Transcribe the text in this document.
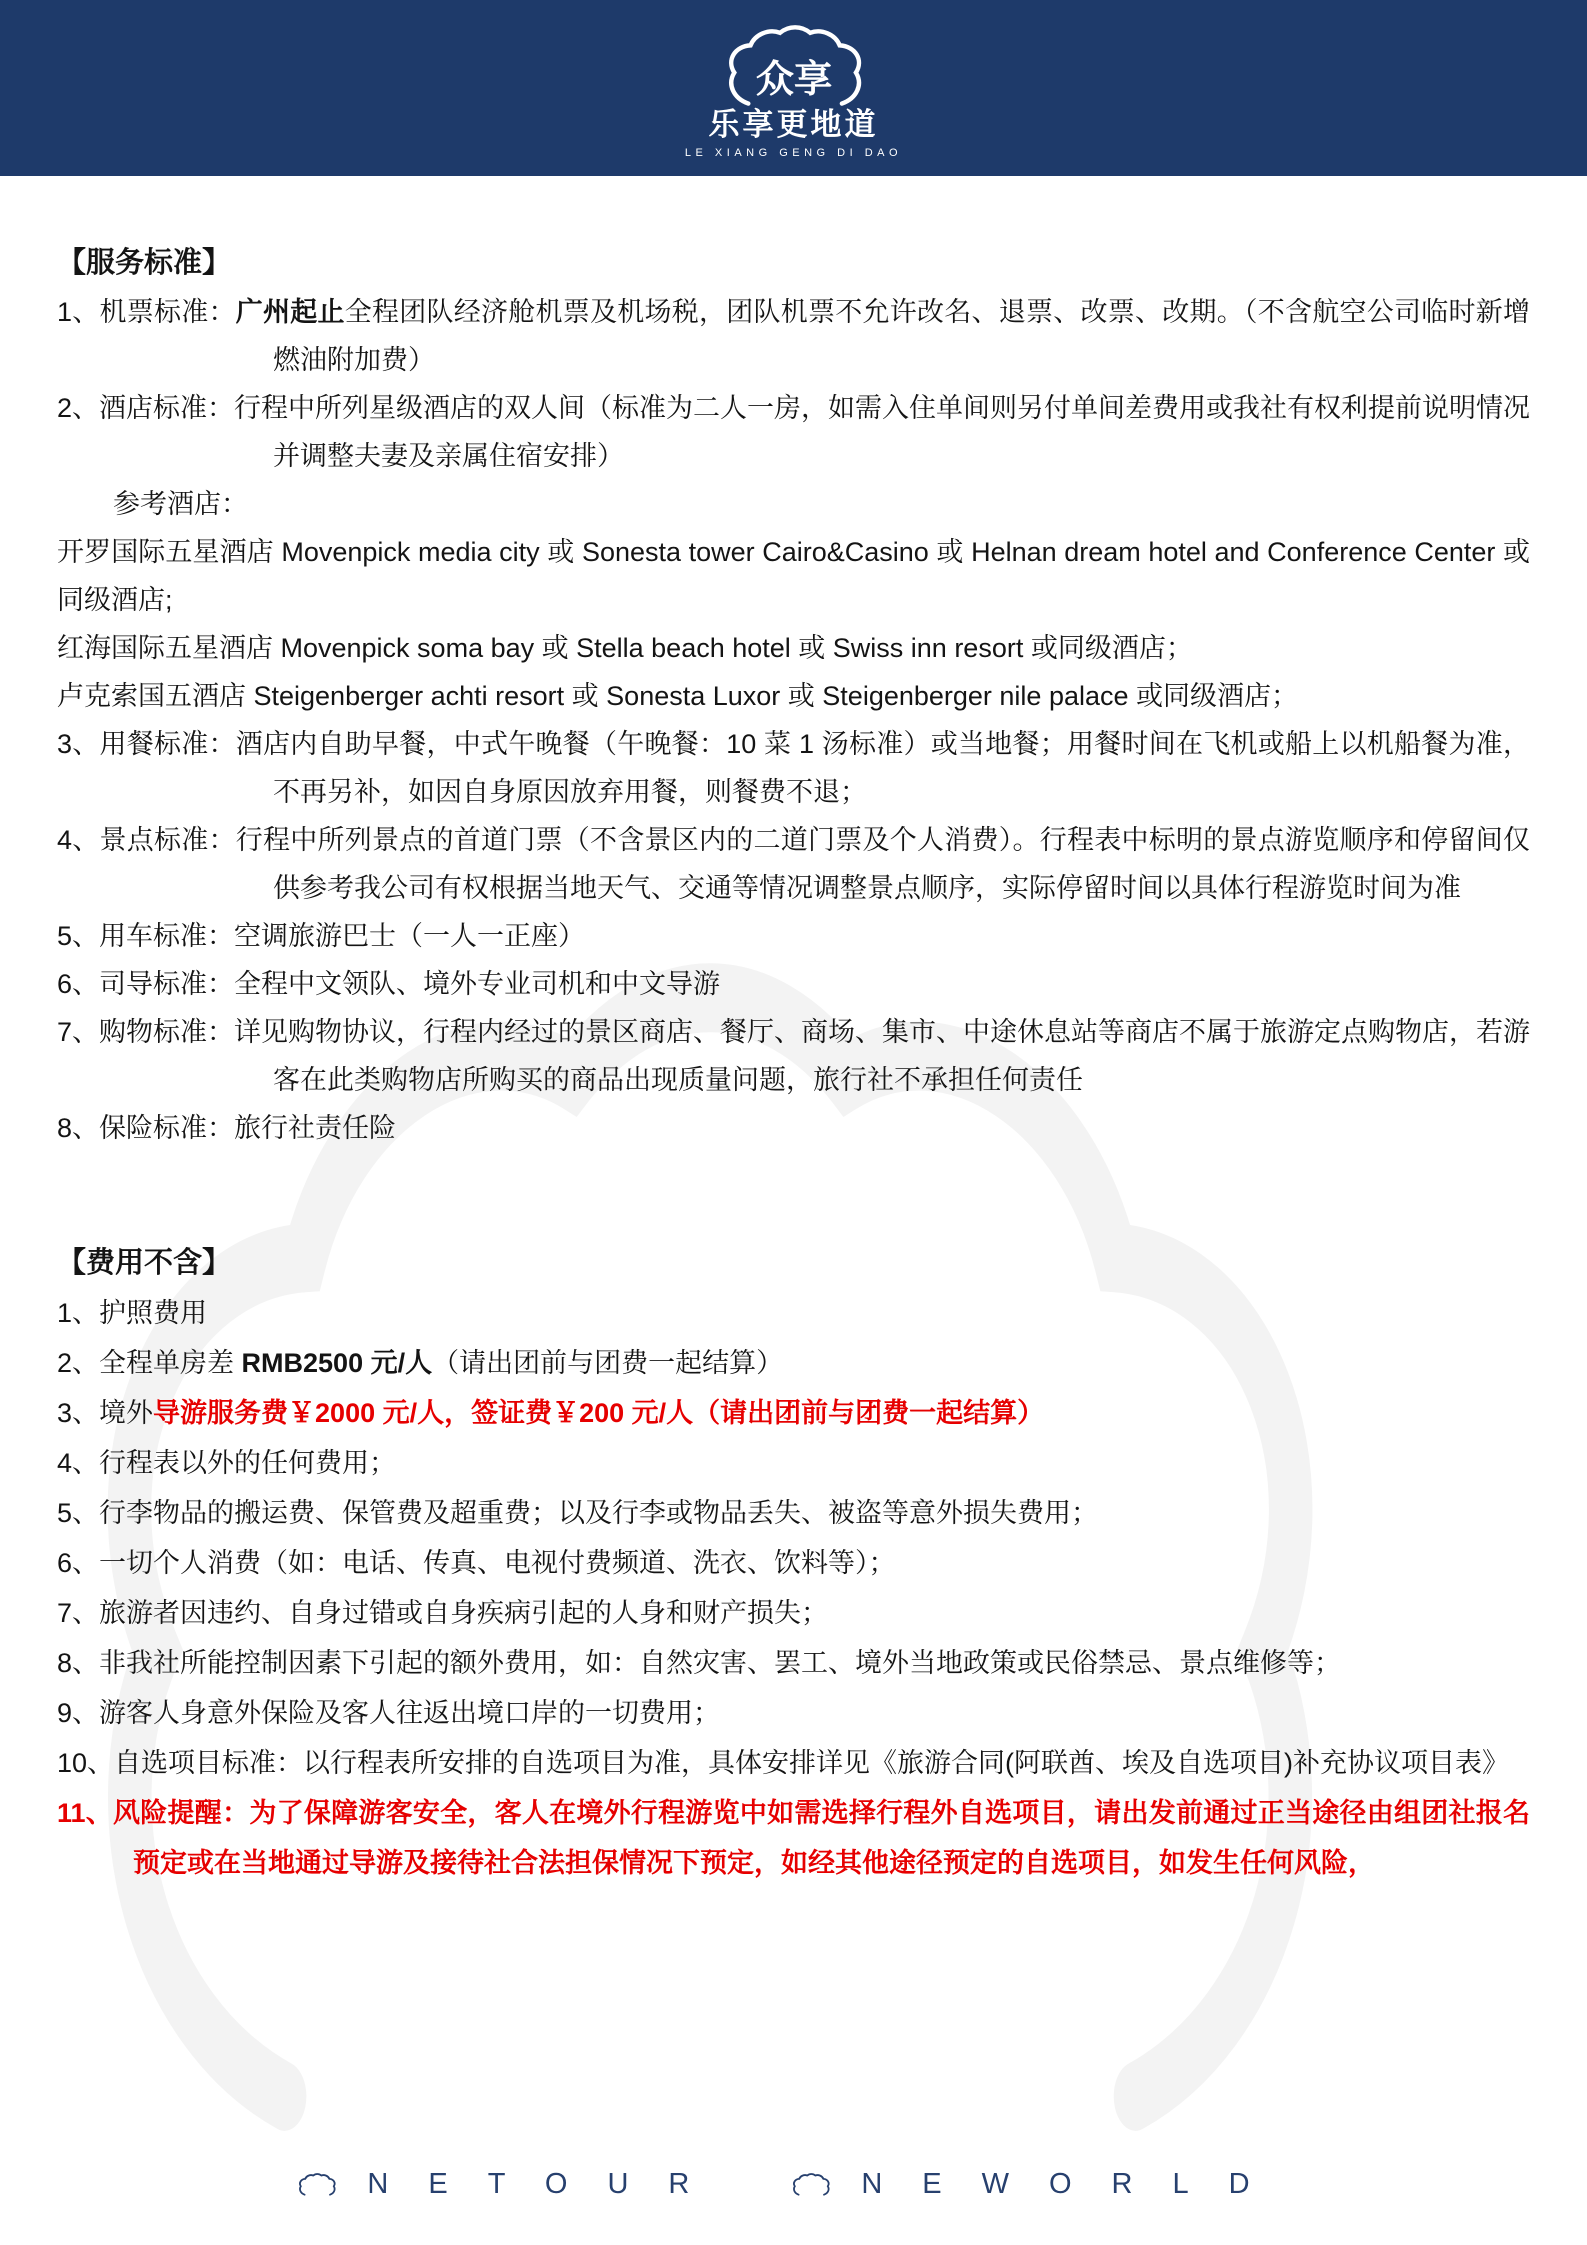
众享
乐享更地道
LE XIANG GENG DI DAO
【服务标准】

1、机票标准：广州起止全程团队经济舱机票及机场税，团队机票不允许改名、退票、改票、改期。（不含航空公司临时新增燃油附加费）

2、酒店标准：行程中所列星级酒店的双人间（标准为二人一房，如需入住单间则另付单间差费用或我社有权利提前说明情况并调整夫妻及亲属住宿安排）

参考酒店：

开罗国际五星酒店 Movenpick media city 或 Sonesta tower Cairo&Casino 或 Helnan dream hotel and Conference Center 或同级酒店;

红海国际五星酒店 Movenpick soma bay 或 Stella beach hotel 或 Swiss inn resort 或同级酒店；

卢克索国五酒店 Steigenberger achti resort 或 Sonesta Luxor 或 Steigenberger nile palace 或同级酒店；

3、用餐标准：酒店内自助早餐，中式午晚餐（午晚餐：10 菜 1 汤标准）或当地餐；用餐时间在飞机或船上以机船餐为准，不再另补，如因自身原因放弃用餐，则餐费不退；

4、景点标准：行程中所列景点的首道门票（不含景区内的二道门票及个人消费）。行程表中标明的景点游览顺序和停留间仅供参考我公司有权根据当地天气、交通等情况调整景点顺序，实际停留时间以具体行程游览时间为准

5、用车标准：空调旅游巴士（一人一正座）

6、司导标准：全程中文领队、境外专业司机和中文导游

7、购物标准：详见购物协议，行程内经过的景区商店、餐厅、商场、集市、中途休息站等商店不属于旅游定点购物店，若游客在此类购物店所购买的商品出现质量问题，旅行社不承担任何责任

8、保险标准：旅行社责任险

【费用不含】

1、护照费用

2、全程单房差 RMB2500 元/人（请出团前与团费一起结算）

3、境外导游服务费￥2000 元/人，签证费￥200 元/人（请出团前与团费一起结算）

4、行程表以外的任何费用；

5、行李物品的搬运费、保管费及超重费；以及行李或物品丢失、被盗等意外损失费用；

6、一切个人消费（如：电话、传真、电视付费频道、洗衣、饮料等）；

7、旅游者因违约、自身过错或自身疾病引起的人身和财产损失；

8、非我社所能控制因素下引起的额外费用，如：自然灾害、罢工、境外当地政策或民俗禁忌、景点维修等；

9、游客人身意外保险及客人往返出境口岸的一切费用；

10、自选项目标准：以行程表所安排的自选项目为准，具体安排详见《旅游合同(阿联酋、埃及自选项目)补充协议项目表》

11、风险提醒：为了保障游客安全，客人在境外行程游览中如需选择行程外自选项目，请出发前通过正当途径由组团社报名预定或在当地通过导游及接待社合法担保情况下预定，如经其他途径预定的自选项目，如发生任何风险，

NETOUR	NEWORLD
